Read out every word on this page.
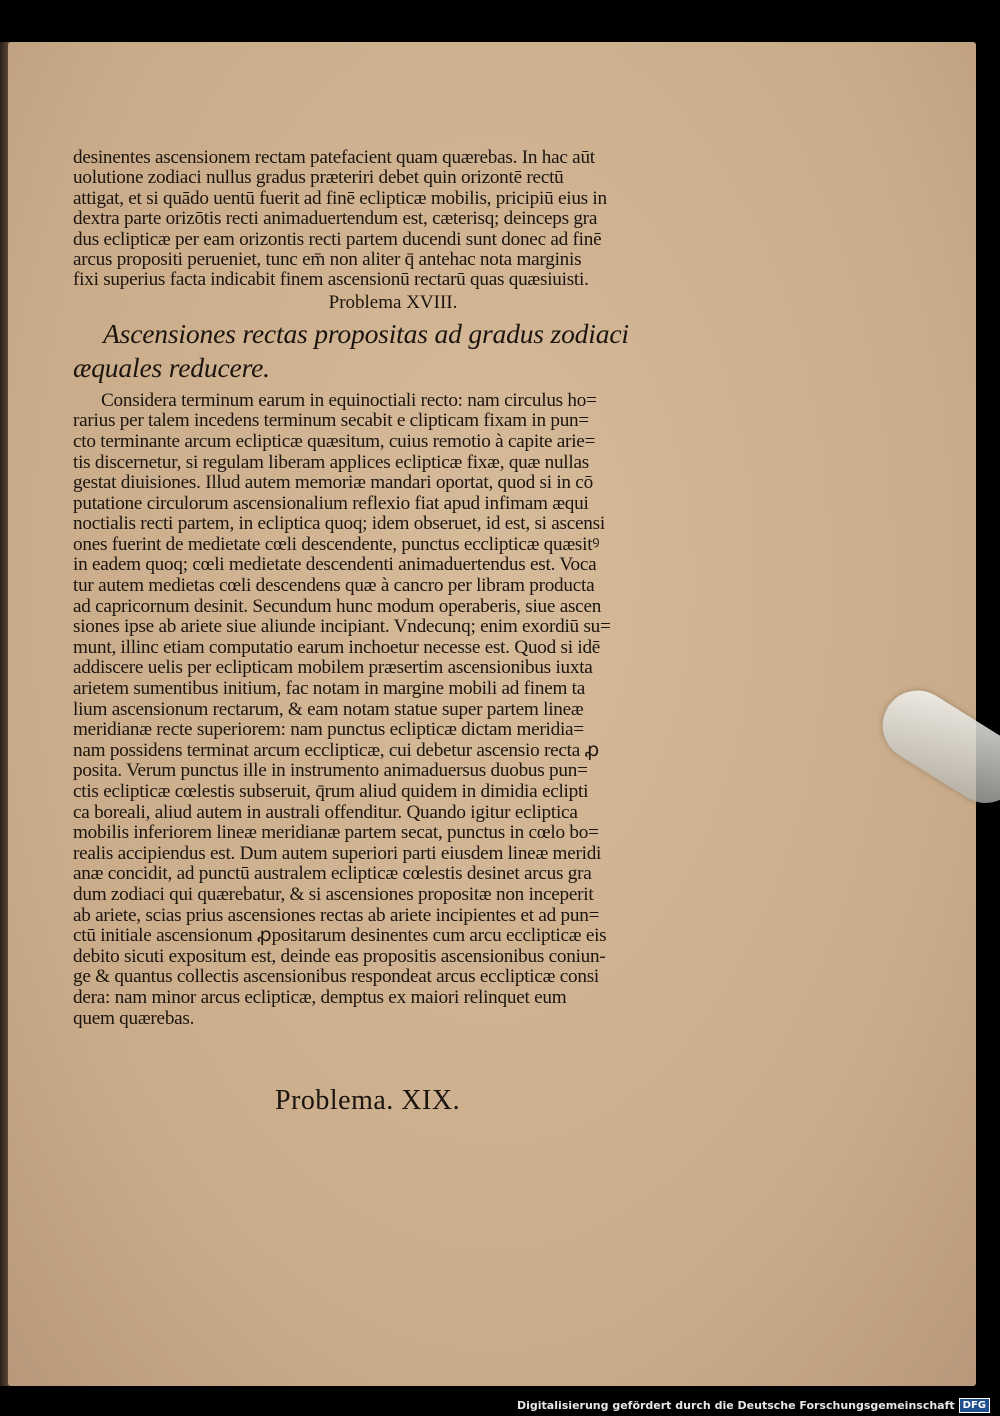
desinentes ascensionem rectam patefacient quam quærebas. In hac aūt
uolutione zodiaci nullus gradus præteriri debet quin orizontē rectū
attigat, et si quādo uentū fuerit ad finē eclipticæ mobilis, pricipiū eius in
dextra parte orizōtis recti animaduertendum est, cæterisq; deinceps gra
dus eclipticæ per eam orizontis recti partem ducendi sunt donec ad finē
arcus propositi perueniet, tunc em̄ non aliter q̄ antehac nota marginis
fixi superius facta indicabit finem ascensionū rectarū quas quæsiuisti.
Problema XVIII.
Ascensiones rectas propositas ad gradus zodiaci
æquales reducere.
Considera terminum earum in equinoctiali recto: nam circulus ho=
rarius per talem incedens terminum secabit e clipticam fixam in pun=
cto terminante arcum eclipticæ quæsitum, cuius remotio à capite arie=
tis discernetur, si regulam liberam applices eclipticæ fixæ, quæ nullas
gestat diuisiones. Illud autem memoriæ mandari oportat, quod si in cō
putatione circulorum ascensionalium reflexio fiat apud infimam æqui
noctialis recti partem, in ecliptica quoq; idem obseruet, id est, si ascensi
ones fuerint de medietate cœli descendente, punctus ecclipticæ quæsitꝰ
in eadem quoq; cœli medietate descendenti animaduertendus est. Voca
tur autem medietas cœli descendens quæ à cancro per libram producta
ad capricornum desinit. Secundum hunc modum operaberis, siue ascen
siones ipse ab ariete siue aliunde incipiant. Vndecunq; enim exordiū su=
munt, illinc etiam computatio earum inchoetur necesse est. Quod si idē
addiscere uelis per eclipticam mobilem præsertim ascensionibus iuxta
arietem sumentibus initium, fac notam in margine mobili ad finem ta
lium ascensionum rectarum, & eam notam statue super partem lineæ
meridianæ recte superiorem: nam punctus eclipticæ dictam meridia=
nam possidens terminat arcum ecclipticæ, cui debetur ascensio recta ꝓ
posita. Verum punctus ille in instrumento animaduersus duobus pun=
ctis eclipticæ cœlestis subseruit, q̄rum aliud quidem in dimidia eclipti
ca boreali, aliud autem in australi offenditur. Quando igitur ecliptica
mobilis inferiorem lineæ meridianæ partem secat, punctus in cœlo bo=
realis accipiendus est. Dum autem superiori parti eiusdem lineæ meridi
anæ concidit, ad punctū australem eclipticæ cœlestis desinet arcus gra
dum zodiaci qui quærebatur, & si ascensiones propositæ non inceperit
ab ariete, scias prius ascensiones rectas ab ariete incipientes et ad pun=
ctū initiale ascensionum ꝓpositarum desinentes cum arcu ecclipticæ eis
debito sicuti expositum est, deinde eas propositis ascensionibus coniun-
ge & quantus collectis ascensionibus respondeat arcus ecclipticæ consi
dera: nam minor arcus eclipticæ, demptus ex maiori relinquet eum
quem quærebas.
Problema. XIX.
Digitalisierung gefördert durch die Deutsche Forschungsgemeinschaft DFG
